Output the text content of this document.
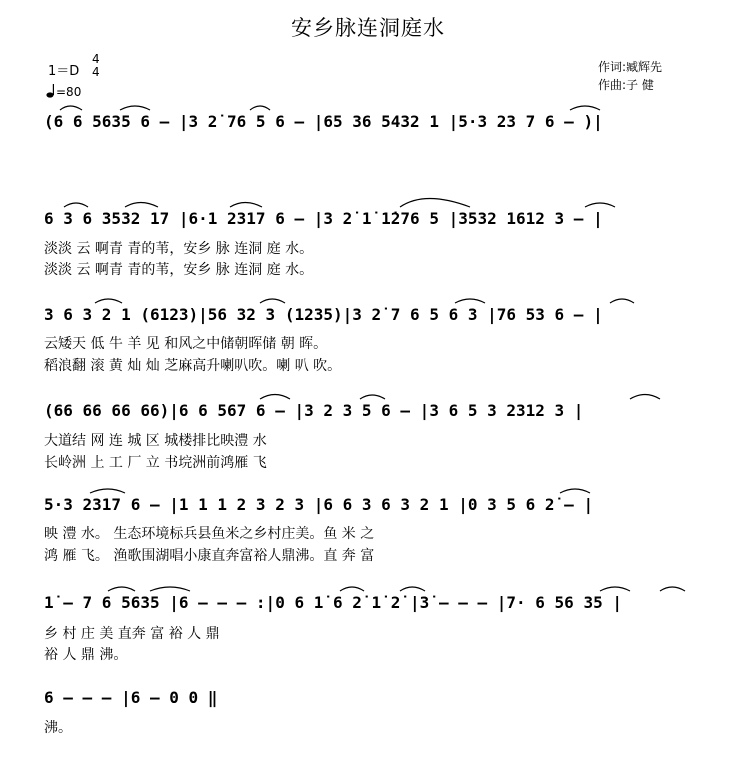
安乡脉连洞庭水
1＝D
4
4
=80
作词:臧辉先
作曲:子 健
(6 6 5635 6 – |3 2̇ 76 5 6 – |65 36 5432 1 |5·3 23 7 6 – )|
6 3 6 3532 17 |6·1 2317 6 – |3 2̇ 1̇ 1̇276 5 |3532 1612 3 – |
淡淡 云 啊青 青的苇，安乡 脉 连洞 庭 水。
淡淡 云 啊青 青的苇，安乡 脉 连洞 庭 水。
3 6 3 2 1 (6123)|56 32 3 (1235)|3 2̇ 7 6 5 6 3 |76 53 6 – |
云矮天 低 牛 羊 见 和风之中储朝晖储 朝 晖。
稻浪翻 滚 黄 灿 灿 芝麻高升喇叭吹。喇 叭 吹。
(66 66 66 66)|6 6 567 6 – |3 2 3 5 6 – |3 6 5 3 2312 3 |
大道结 网 连 城 区 城楼排比映澧 水
长岭洲 上 工 厂 立 书垸洲前鸿雁 飞
5·3 2317 6 – |1 1 1 2 3 2 3 |6 6 3 6 3 2 1 |0 3 5 6 2̇ – |
映 澧 水。 生态环境标兵县鱼米之乡村庄美。鱼 米 之
鸿 雁 飞。 渔歌围湖唱小康直奔富裕人鼎沸。直 奔 富
1̇ – 7 6 5635 |6 – – – :|0 6 1̇ 6 2̇ 1̇ 2̇ |3̇ – – – |7· 6 56 35 |
乡 村 庄 美 直奔 富 裕 人 鼎
裕 人 鼎 沸。
6 – – – |6 – 0 0 ‖
沸。
